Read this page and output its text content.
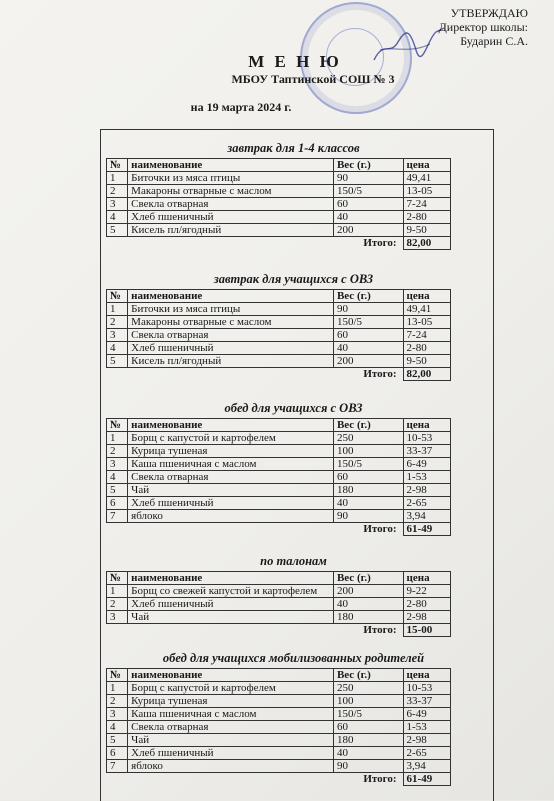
УТВЕРЖДАЮ
Директор школы:
Бударин С.А.
М Е Н Ю
МБОУ Таптинской СОШ № 3
на 19 марта 2024 г.
завтрак для 1-4 классов
№	наименование	Вес (г.)	цена
1	Биточки из мяса птицы	90	49,41
2	Макароны отварные с маслом	150/5	13-05
3	Свекла отварная	60	7-24
4	Хлеб пшеничный	40	2-80
5	Кисель пл/ягодный	200	9-50
Итого:			82,00
завтрак для учащихся с ОВЗ
№	наименование	Вес (г.)	цена
1	Биточки из мяса птицы	90	49,41
2	Макароны отварные с маслом	150/5	13-05
3	Свекла отварная	60	7-24
4	Хлеб пшеничный	40	2-80
5	Кисель пл/ягодный	200	9-50
Итого:			82,00
обед для учащихся с ОВЗ
№	наименование	Вес (г.)	цена
1	Борщ с капустой и картофелем	250	10-53
2	Курица тушеная	100	33-37
3	Каша пшеничная с маслом	150/5	6-49
4	Свекла отварная	60	1-53
5	Чай	180	2-98
6	Хлеб пшеничный	40	2-65
7	яблоко	90	3,94
Итого:			61-49
по талонам
№	наименование	Вес (г.)	цена
1	Борщ со свежей капустой и картофелем	200	9-22
2	Хлеб пшеничный	40	2-80
3	Чай	180	2-98
Итого:			15-00
обед для учащихся мобилизованных родителей
№	наименование	Вес (г.)	цена
1	Борщ с капустой и картофелем	250	10-53
2	Курица тушеная	100	33-37
3	Каша пшеничная с маслом	150/5	6-49
4	Свекла отварная	60	1-53
5	Чай	180	2-98
6	Хлеб пшеничный	40	2-65
7	яблоко	90	3,94
Итого:			61-49
